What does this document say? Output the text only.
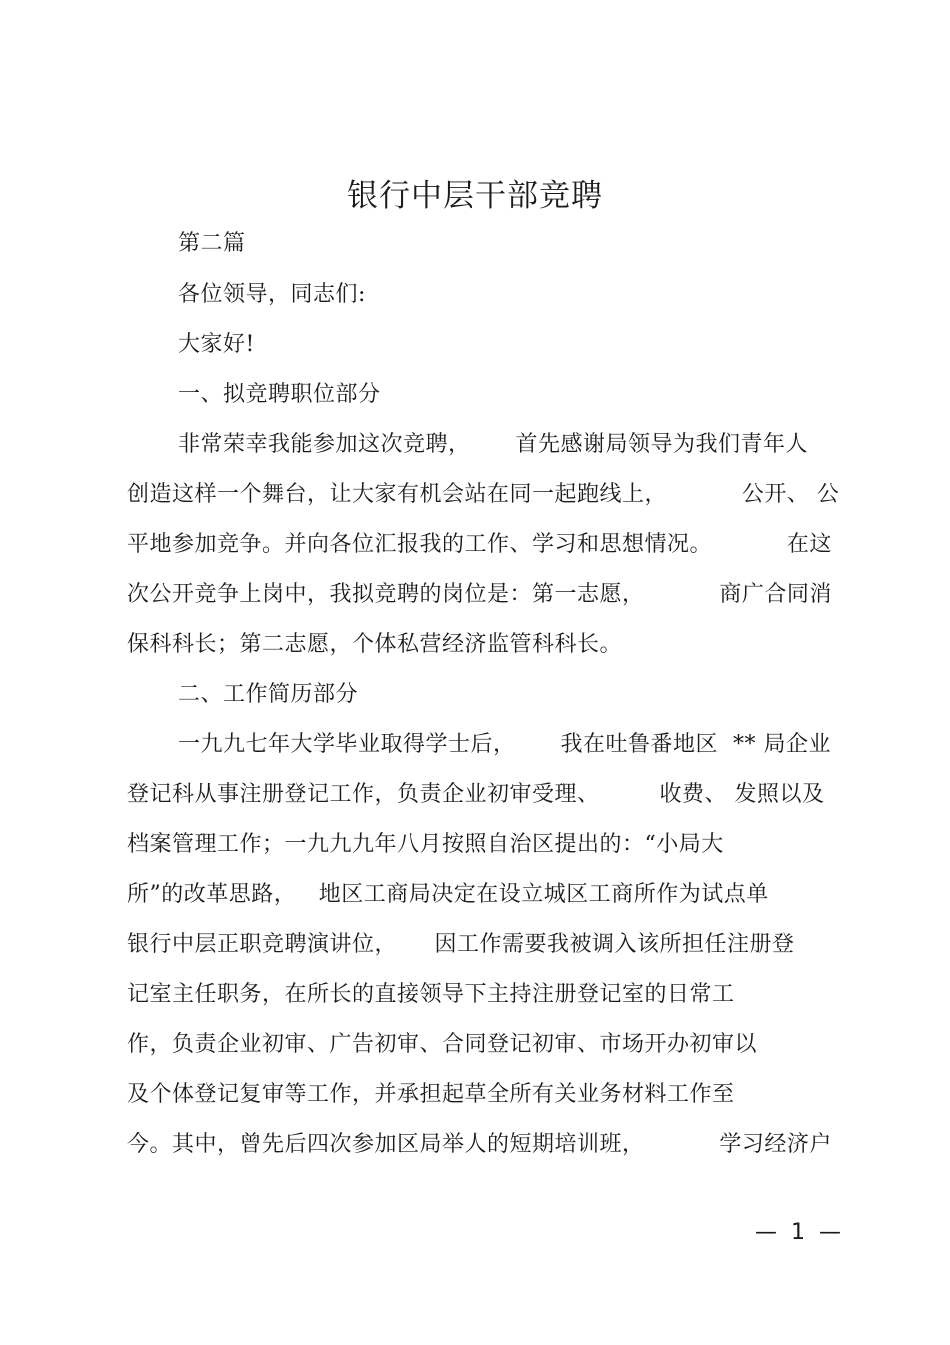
银行中层干部竞聘
第二篇
各位领导，同志们:
大家好!
一、拟竞聘职位部分
非常荣幸我能参加这次竞聘，      首先感谢局领导为我们青年人
创造这样一个舞台，让大家有机会站在同一起跑线上，          公开、 公
平地参加竞争。并向各位汇报我的工作、学习和思想情况。          在这
次公开竞争上岗中，我拟竞聘的岗位是：第一志愿，          商广合同消
保科科长；第二志愿，个体私营经济监管科科长。
二、工作简历部分
一九九七年大学毕业取得学士后，      我在吐鲁番地区  ** 局企业
登记科从事注册登记工作，负责企业初审受理、        收费、 发照以及
档案管理工作；一九九九年八月按照自治区提出的：“小局大
所”的改革思路，   地区工商局决定在设立城区工商所作为试点单
银行中层正职竞聘演讲位，     因工作需要我被调入该所担任注册登
记室主任职务，在所长的直接领导下主持注册登记室的日常工
作，负责企业初审、广告初审、合同登记初审、市场开办初审以
及个体登记复审等工作，并承担起草全所有关业务材料工作至
今。其中，曾先后四次参加区局举人的短期培训班，          学习经济户
—  1  —
